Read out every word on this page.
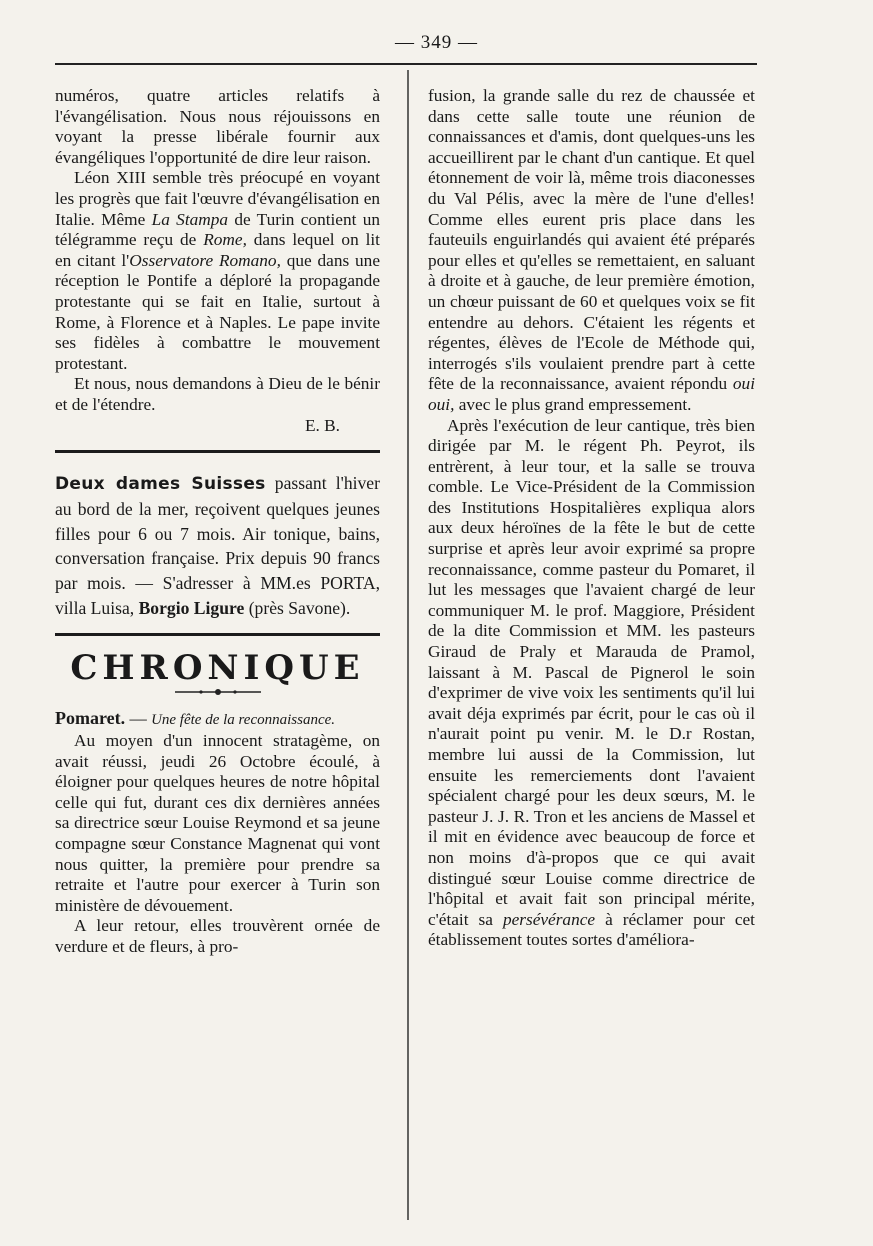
— 349 —

numéros, quatre articles relatifs à l'évangélisation. Nous nous réjouissons en voyant la presse libérale fournir aux évangéliques l'opportunité de dire leur raison.

Léon XIII semble très préocupé en voyant les progrès que fait l'œuvre d'évangélisation en Italie. Même La Stampa de Turin contient un télégramme reçu de Rome, dans lequel on lit en citant l'Osservatore Romano, que dans une réception le Pontife a déploré la propagande protestante qui se fait en Italie, surtout à Rome, à Florence et à Naples. Le pape invite ses fidèles à combattre le mouvement protestant.

Et nous, nous demandons à Dieu de le bénir et de l'étendre.

E. B.

Deux dames Suisses passant l'hiver au bord de la mer, reçoivent quelques jeunes filles pour 6 ou 7 mois. Air tonique, bains, conversation française. Prix depuis 90 francs par mois. — S'adresser à MM.es PORTA, villa Luisa, Borgio Ligure (près Savone).

CHRONIQUE

Pomaret. — Une fête de la reconnaissance.

Au moyen d'un innocent stratagème, on avait réussi, jeudi 26 Octobre écoulé, à éloigner pour quelques heures de notre hôpital celle qui fut, durant ces dix dernières années sa directrice sœur Louise Reymond et sa jeune compagne sœur Constance Magnenat qui vont nous quitter, la première pour prendre sa retraite et l'autre pour exercer à Turin son ministère de dévouement.

A leur retour, elles trouvèrent ornée de verdure et de fleurs, à pro-

fusion, la grande salle du rez de chaussée et dans cette salle toute une réunion de connaissances et d'amis, dont quelques-uns les accueillirent par le chant d'un cantique. Et quel étonnement de voir là, même trois diaconesses du Val Pélis, avec la mère de l'une d'elles! Comme elles eurent pris place dans les fauteuils enguirlandés qui avaient été préparés pour elles et qu'elles se remettaient, en saluant à droite et à gauche, de leur première émotion, un chœur puissant de 60 et quelques voix se fit entendre au dehors. C'étaient les régents et régentes, élèves de l'Ecole de Méthode qui, interrogés s'ils voulaient prendre part à cette fête de la reconnaissance, avaient répondu oui oui, avec le plus grand empressement.

Après l'exécution de leur cantique, très bien dirigée par M. le régent Ph. Peyrot, ils entrèrent, à leur tour, et la salle se trouva comble. Le Vice-Président de la Commission des Institutions Hospitalières expliqua alors aux deux héroïnes de la fête le but de cette surprise et après leur avoir exprimé sa propre reconnaissance, comme pasteur du Pomaret, il lut les messages que l'avaient chargé de leur communiquer M. le prof. Maggiore, Président de la dite Commission et MM. les pasteurs Giraud de Praly et Marauda de Pramol, laissant à M. Pascal de Pignerol le soin d'exprimer de vive voix les sentiments qu'il lui avait déja exprimés par écrit, pour le cas où il n'aurait point pu venir. M. le D.r Rostan, membre lui aussi de la Commission, lut ensuite les remerciements dont l'avaient spécialent chargé pour les deux sœurs, M. le pasteur J. J. R. Tron et les anciens de Massel et il mit en évidence avec beaucoup de force et non moins d'à-propos que ce qui avait distingué sœur Louise comme directrice de l'hôpital et avait fait son principal mérite, c'était sa persévérance à réclamer pour cet établissement toutes sortes d'améliora-
